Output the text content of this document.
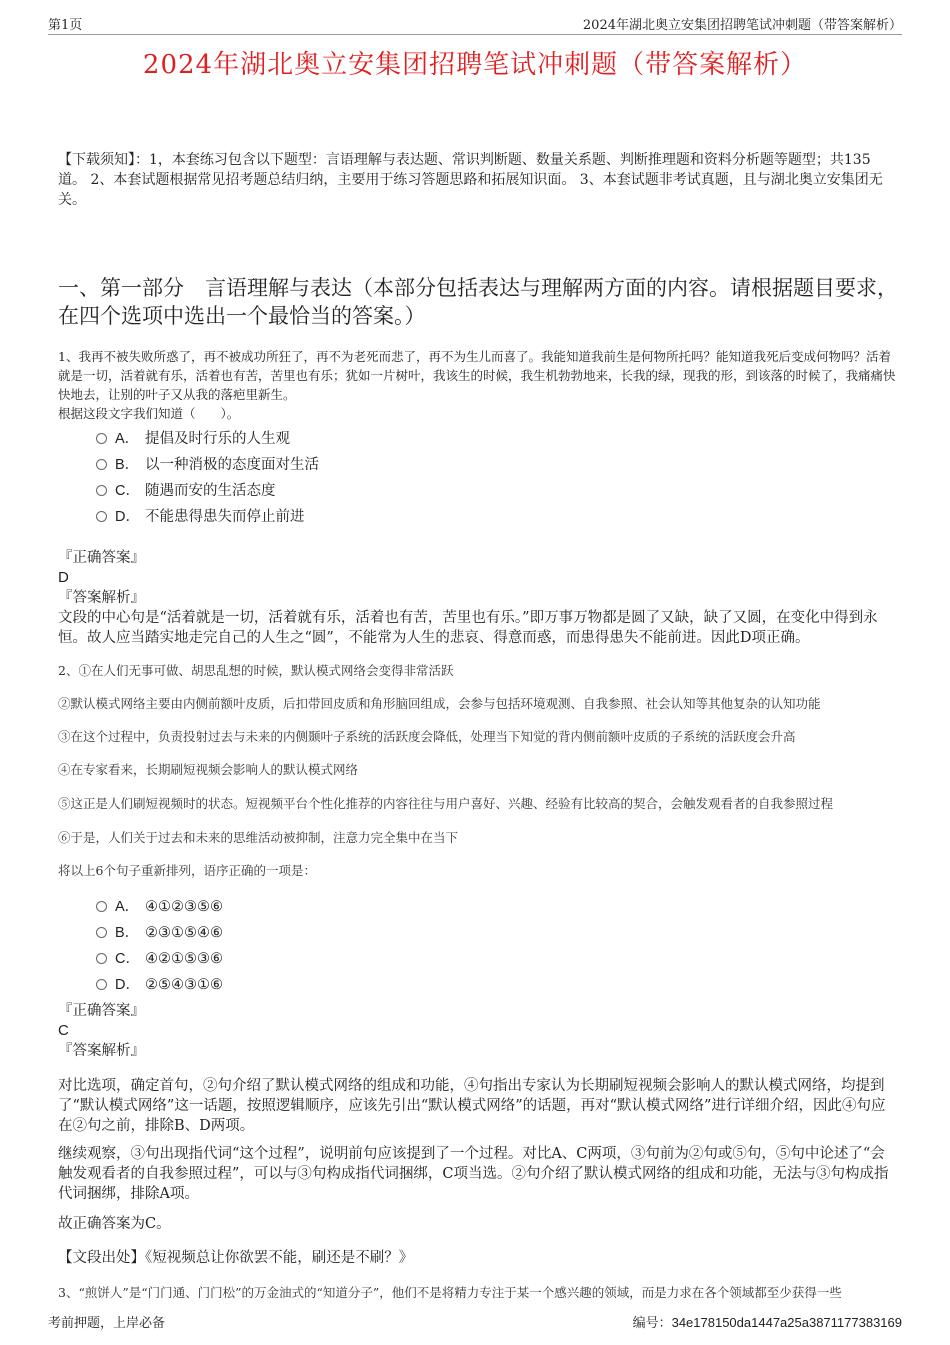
第1页	2024年湖北奥立安集团招聘笔试冲刺题（带答案解析）
2024年湖北奥立安集团招聘笔试冲刺题（带答案解析）
【下载须知】：1，本套练习包含以下题型：言语理解与表达题、常识判断题、数量关系题、判断推理题和资料分析题等题型；共135道。 2、本套试题根据常见招考题总结归纳，主要用于练习答题思路和拓展知识面。 3、本套试题非考试真题，且与湖北奥立安集团无关。
一、第一部分　言语理解与表达（本部分包括表达与理解两方面的内容。请根据题目要求，在四个选项中选出一个最恰当的答案。）
1、我再不被失败所惑了，再不被成功所狂了，再不为老死而悲了，再不为生儿而喜了。我能知道我前生是何物所托吗？能知道我死后变成何物吗？活着就是一切，活着就有乐，活着也有苦，苦里也有乐；犹如一片树叶，我该生的时候，我生机勃勃地来，长我的绿，现我的形，到该落的时候了，我痛痛快快地去，让别的叶子又从我的落疤里新生。
根据这段文字我们知道（　　）。
A． 提倡及时行乐的人生观
B． 以一种消极的态度面对生活
C． 随遇而安的生活态度
D． 不能患得患失而停止前进
『正确答案』
D
『答案解析』
文段的中心句是“活着就是一切，活着就有乐，活着也有苦，苦里也有乐。”即万事万物都是圆了又缺，缺了又圆，在变化中得到永恒。故人应当踏实地走完自己的人生之“圆”，不能常为人生的悲哀、得意而惑，而患得患失不能前进。因此D项正确。
2、①在人们无事可做、胡思乱想的时候，默认模式网络会变得非常活跃
②默认模式网络主要由内侧前额叶皮质，后扣带回皮质和角形脑回组成，会参与包括环境观测、自我参照、社会认知等其他复杂的认知功能
③在这个过程中，负责投射过去与未来的内侧颞叶子系统的活跃度会降低，处理当下知觉的背内侧前额叶皮质的子系统的活跃度会升高
④在专家看来，长期刷短视频会影响人的默认模式网络
⑤这正是人们刷短视频时的状态。短视频平台个性化推荐的内容往往与用户喜好、兴趣、经验有比较高的契合，会触发观看者的自我参照过程
⑥于是，人们关于过去和未来的思维活动被抑制，注意力完全集中在当下
将以上6个句子重新排列，语序正确的一项是：
A． ④①②③⑤⑥
B． ②③①⑤④⑥
C． ④②①⑤③⑥
D． ②⑤④③①⑥
『正确答案』
C
『答案解析』
对比选项，确定首句，②句介绍了默认模式网络的组成和功能，④句指出专家认为长期刷短视频会影响人的默认模式网络，均提到了“默认模式网络”这一话题，按照逻辑顺序，应该先引出“默认模式网络”的话题，再对“默认模式网络”进行详细介绍，因此④句应在②句之前，排除B、D两项。
继续观察，③句出现指代词“这个过程”，说明前句应该提到了一个过程。对比A、C两项，③句前为②句或⑤句，⑤句中论述了“会触发观看者的自我参照过程”，可以与③句构成指代词捆绑，C项当选。②句介绍了默认模式网络的组成和功能，无法与③句构成指代词捆绑，排除A项。
故正确答案为C。
【文段出处】《短视频总让你欲罢不能，刷还是不刷？》
3、“煎饼人”是“门门通、门门松”的万金油式的“知道分子”，他们不是将精力专注于某一个感兴趣的领域，而是力求在各个领域都至少获得一些
考前押题，上岸必备	编号：34e178150da1447a25a3871177383169
